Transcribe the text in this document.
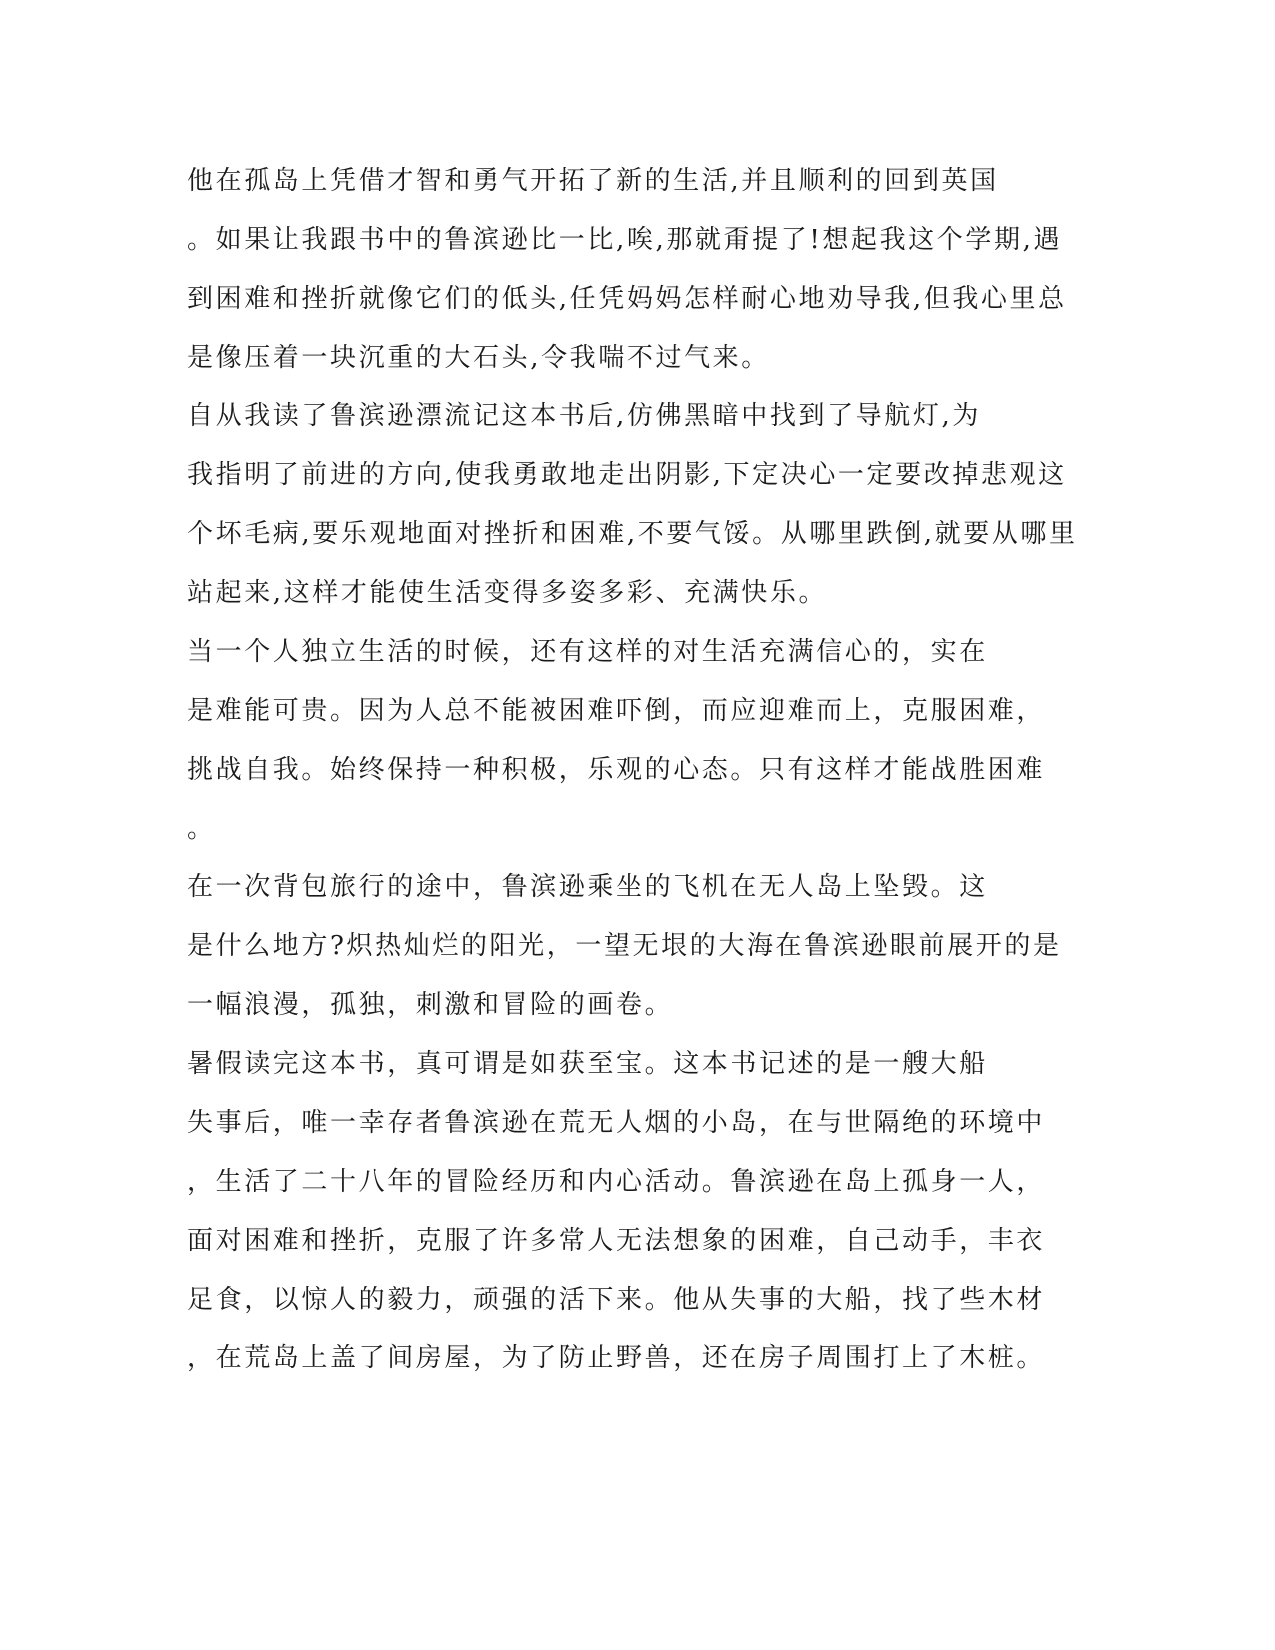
他在孤岛上凭借才智和勇气开拓了新的生活,并且顺利的回到英国
。如果让我跟书中的鲁滨逊比一比,唉,那就甭提了!想起我这个学期,遇
到困难和挫折就像它们的低头,任凭妈妈怎样耐心地劝导我,但我心里总
是像压着一块沉重的大石头,令我喘不过气来。
自从我读了鲁滨逊漂流记这本书后,仿佛黑暗中找到了导航灯,为
我指明了前进的方向,使我勇敢地走出阴影,下定决心一定要改掉悲观这
个坏毛病,要乐观地面对挫折和困难,不要气馁。从哪里跌倒,就要从哪里
站起来,这样才能使生活变得多姿多彩、充满快乐。
当一个人独立生活的时候，还有这样的对生活充满信心的，实在
是难能可贵。因为人总不能被困难吓倒，而应迎难而上，克服困难，
挑战自我。始终保持一种积极，乐观的心态。只有这样才能战胜困难
。
在一次背包旅行的途中，鲁滨逊乘坐的飞机在无人岛上坠毁。这
是什么地方?炽热灿烂的阳光，一望无垠的大海在鲁滨逊眼前展开的是
一幅浪漫，孤独，刺激和冒险的画卷。
暑假读完这本书，真可谓是如获至宝。这本书记述的是一艘大船
失事后，唯一幸存者鲁滨逊在荒无人烟的小岛，在与世隔绝的环境中
，生活了二十八年的冒险经历和内心活动。鲁滨逊在岛上孤身一人，
面对困难和挫折，克服了许多常人无法想象的困难，自己动手，丰衣
足食，以惊人的毅力，顽强的活下来。他从失事的大船，找了些木材
，在荒岛上盖了间房屋，为了防止野兽，还在房子周围打上了木桩。
